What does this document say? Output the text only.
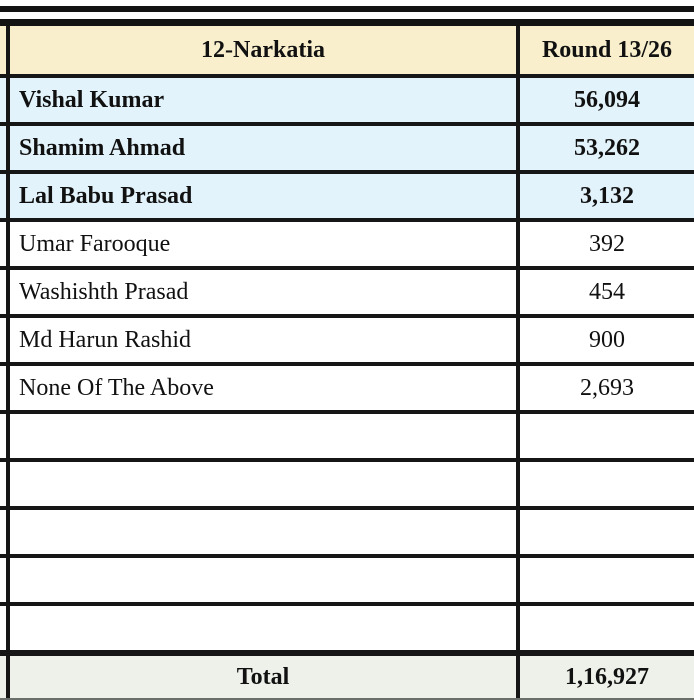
12-Narkatia	Round 13/26
Vishal Kumar	56,094
Shamim Ahmad	53,262
Lal Babu Prasad	3,132
Umar Farooque	392
Washishth Prasad	454
Md Harun Rashid	900
None Of The Above	2,693
Total	1,16,927
